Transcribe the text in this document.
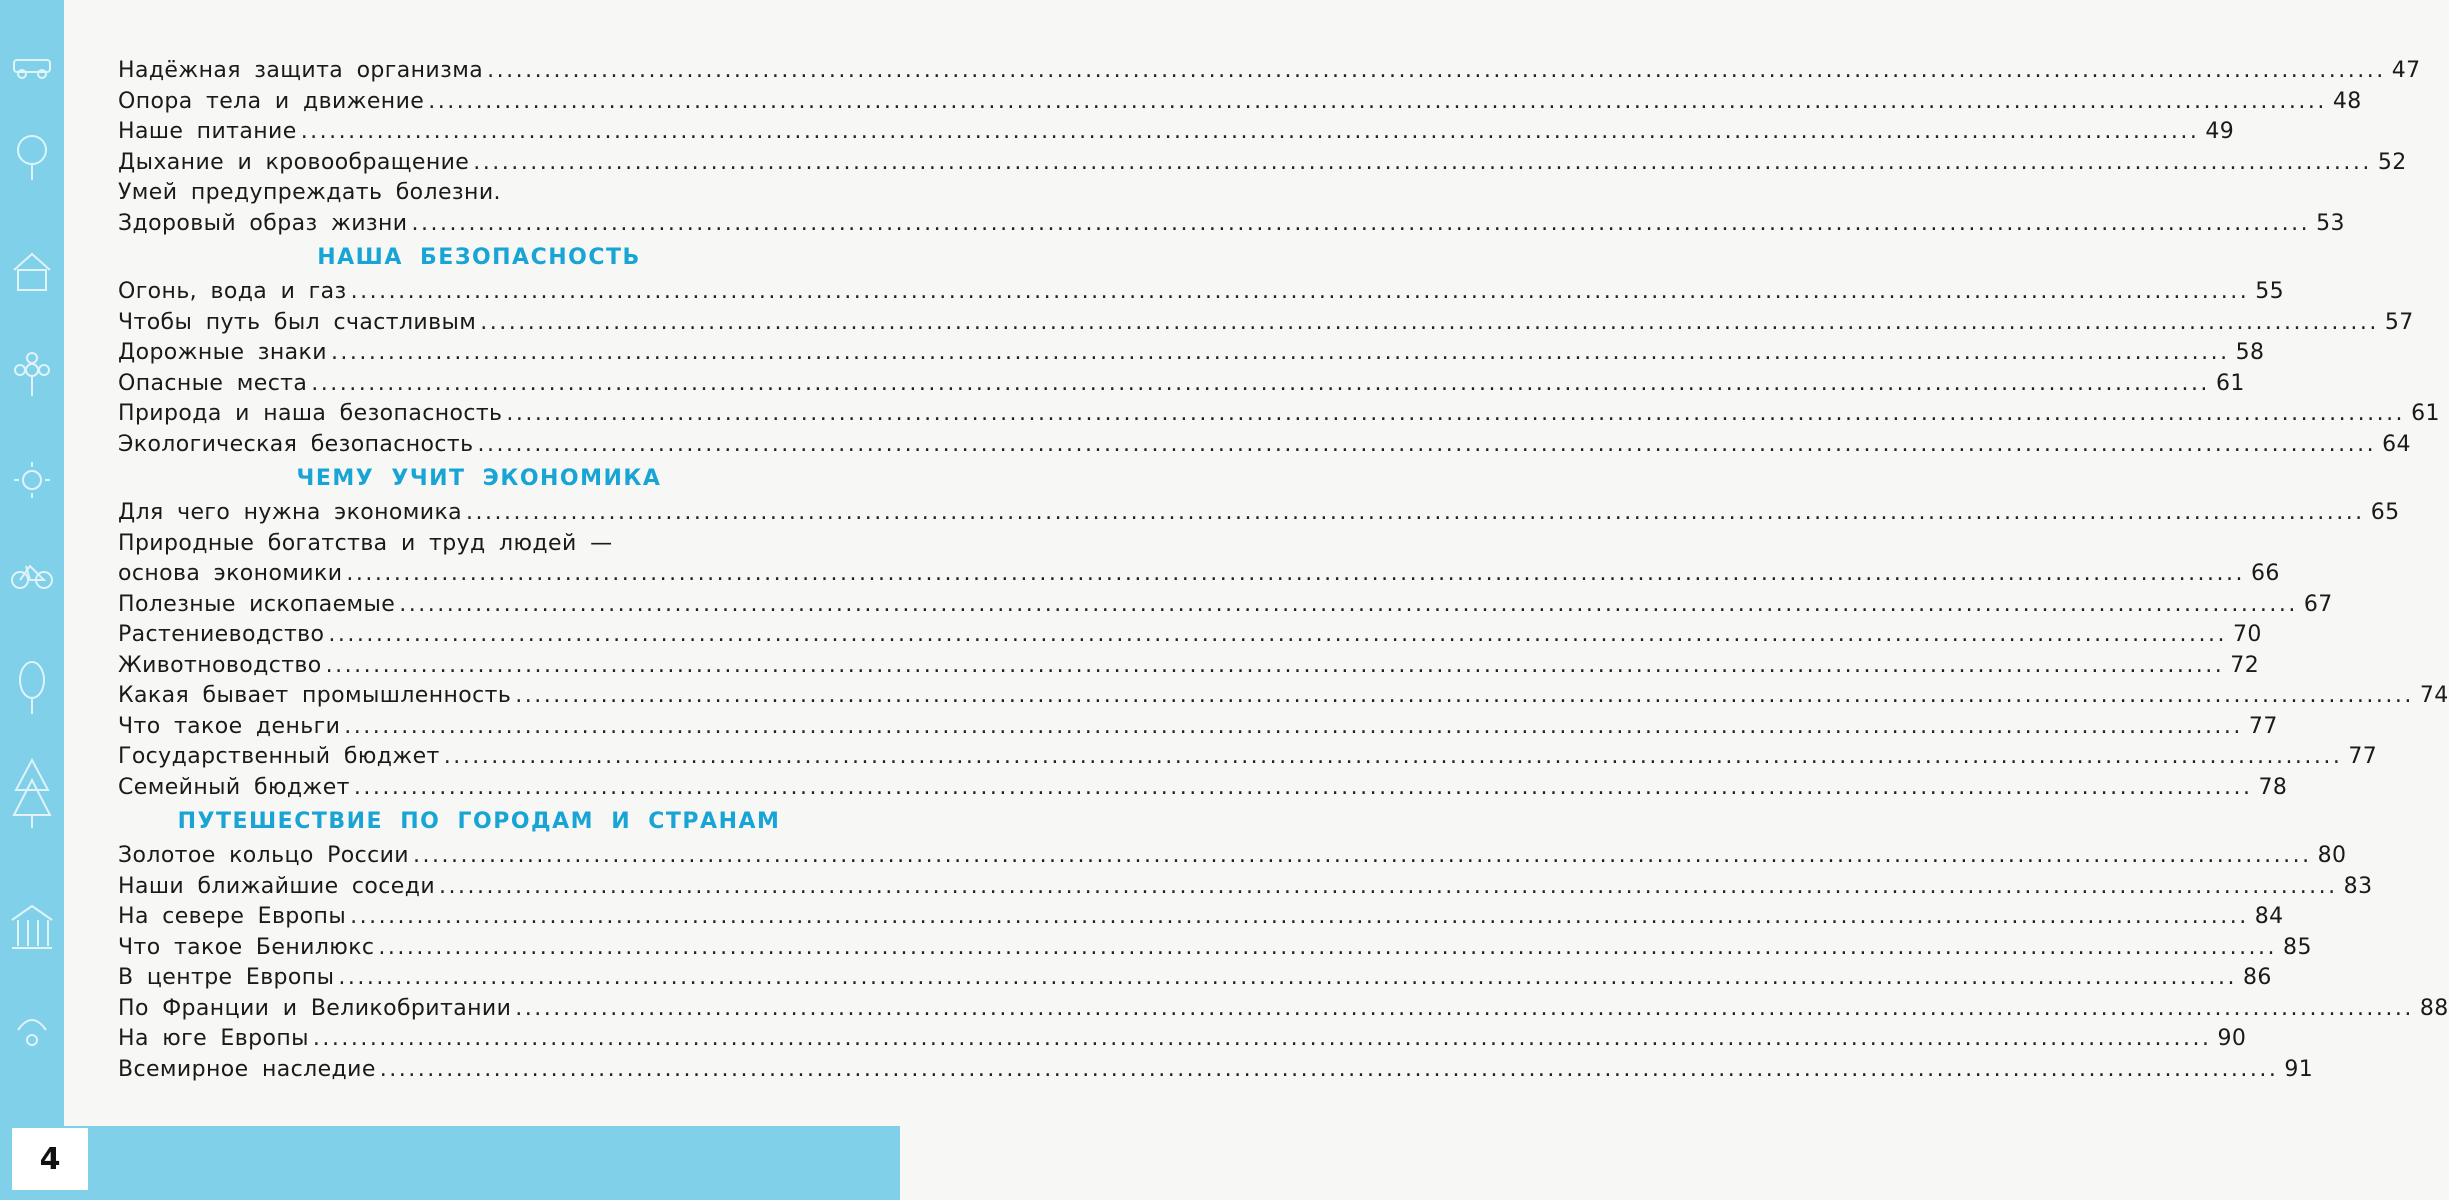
4
Надёжная защита организма ........................................................................................................................................................................................................ 47
Опора тела и движение ........................................................................................................................................................................................................ 48
Наше питание ........................................................................................................................................................................................................ 49
Дыхание и кровообращение ........................................................................................................................................................................................................ 52
Умей предупреждать болезни.
Здоровый образ жизни ........................................................................................................................................................................................................ 53
НАША БЕЗОПАСНОСТЬ
Огонь, вода и газ ........................................................................................................................................................................................................ 55
Чтобы путь был счастливым ........................................................................................................................................................................................................ 57
Дорожные знаки ........................................................................................................................................................................................................ 58
Опасные места ........................................................................................................................................................................................................ 61
Природа и наша безопасность ........................................................................................................................................................................................................ 61
Экологическая безопасность ........................................................................................................................................................................................................ 64
ЧЕМУ УЧИТ ЭКОНОМИКА
Для чего нужна экономика ........................................................................................................................................................................................................ 65
Природные богатства и труд людей —
основа экономики ........................................................................................................................................................................................................ 66
Полезные ископаемые ........................................................................................................................................................................................................ 67
Растениеводство ........................................................................................................................................................................................................ 70
Животноводство ........................................................................................................................................................................................................ 72
Какая бывает промышленность ........................................................................................................................................................................................................ 74
Что такое деньги ........................................................................................................................................................................................................ 77
Государственный бюджет ........................................................................................................................................................................................................ 77
Семейный бюджет ........................................................................................................................................................................................................ 78
ПУТЕШЕСТВИЕ ПО ГОРОДАМ И СТРАНАМ
Золотое кольцо России ........................................................................................................................................................................................................ 80
Наши ближайшие соседи ........................................................................................................................................................................................................ 83
На севере Европы ........................................................................................................................................................................................................ 84
Что такое Бенилюкс ........................................................................................................................................................................................................ 85
В центре Европы ........................................................................................................................................................................................................ 86
По Франции и Великобритании ........................................................................................................................................................................................................ 88
На юге Европы ........................................................................................................................................................................................................ 90
Всемирное наследие ........................................................................................................................................................................................................ 91
